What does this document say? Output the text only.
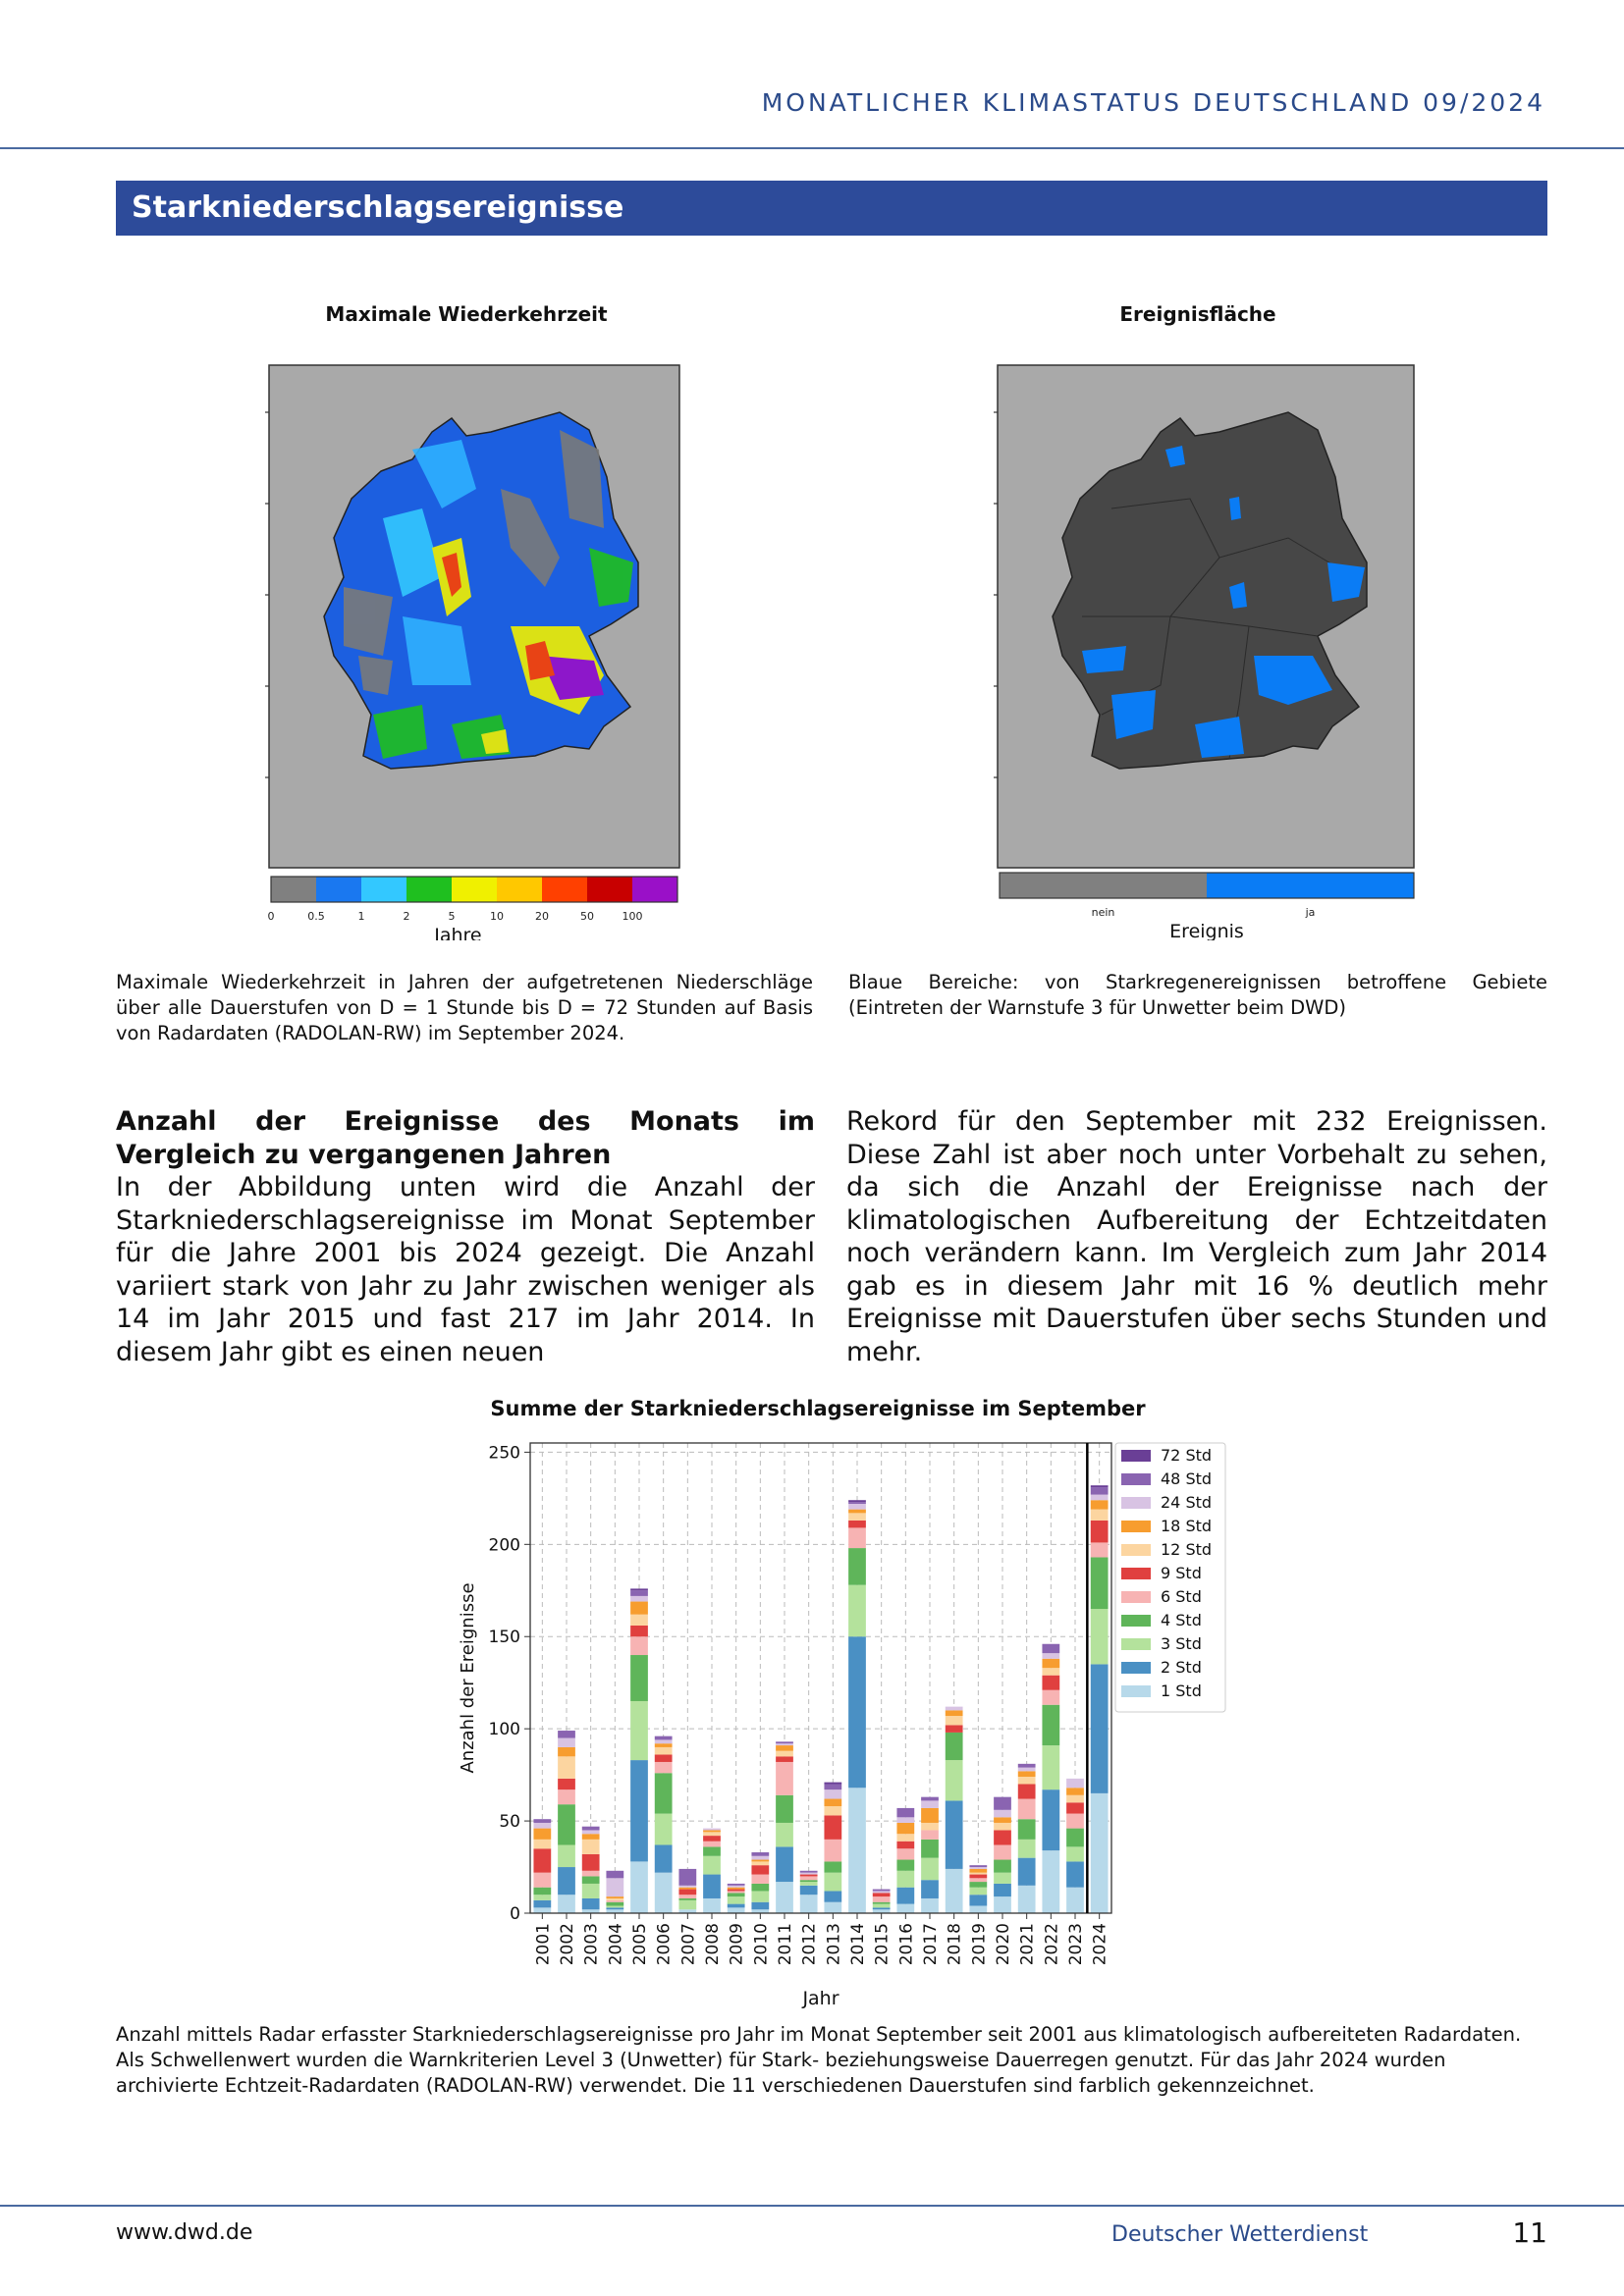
MONATLICHER KLIMASTATUS DEUTSCHLAND 09/2024
Starkniederschlagsereignisse
Maximale Wiederkehrzeit
0	0.5	1	2	5	10	20	50	100
Jahre
Ereignisfläche
nein	ja
Ereignis
Maximale Wiederkehrzeit in Jahren der aufgetretenen Niederschläge über alle Dauerstufen von D = 1 Stunde bis D = 72 Stunden auf Basis von Radardaten (RADOLAN-RW) im September 2024.
Blaue Bereiche: von Starkregenereignissen betroffene Gebiete (Eintreten der Warnstufe 3 für Unwetter beim DWD)
Anzahl der Ereignisse des Monats im Vergleich zu vergangenen Jahren

In der Abbildung unten wird die Anzahl der Starkniederschlagsereignisse im Monat September für die Jahre 2001 bis 2024 gezeigt. Die Anzahl variiert stark von Jahr zu Jahr zwischen weniger als 14 im Jahr 2015 und fast 217 im Jahr 2014. In diesem Jahr gibt es einen neuen

Rekord für den September mit 232 Ereignissen. Diese Zahl ist aber noch unter Vorbehalt zu sehen, da sich die Anzahl der Ereignisse nach der klimatologischen Aufbereitung der Echtzeitdaten noch verändern kann. Im Vergleich zum Jahr 2014 gab es in diesem Jahr mit 16 % deutlich mehr Ereignisse mit Dauerstufen über sechs Stunden und mehr.

Summe der Starkniederschlagsereignisse im September
0
50
100
150
200
250
2001 2002 2003 2004 2005 2006 2007 2008 2009 2010 2011 2012 2013 2014 2015 2016 2017 2018 2019 2020 2021 2022 2023 2024
Anzahl der Ereignisse
Jahr
72 Std
48 Std
24 Std
18 Std
12 Std
9 Std
6 Std
4 Std
3 Std
2 Std
1 Std
Anzahl mittels Radar erfasster Starkniederschlagsereignisse pro Jahr im Monat September seit 2001 aus klimatologisch aufbereiteten Radardaten. Als Schwellenwert wurden die Warnkriterien Level 3 (Unwetter) für Stark- beziehungsweise Dauerregen genutzt. Für das Jahr 2024 wurden archivierte Echtzeit-Radardaten (RADOLAN-RW) verwendet. Die 11 verschiedenen Dauerstufen sind farblich gekennzeichnet.
www.dwd.de	Deutscher Wetterdienst	11
